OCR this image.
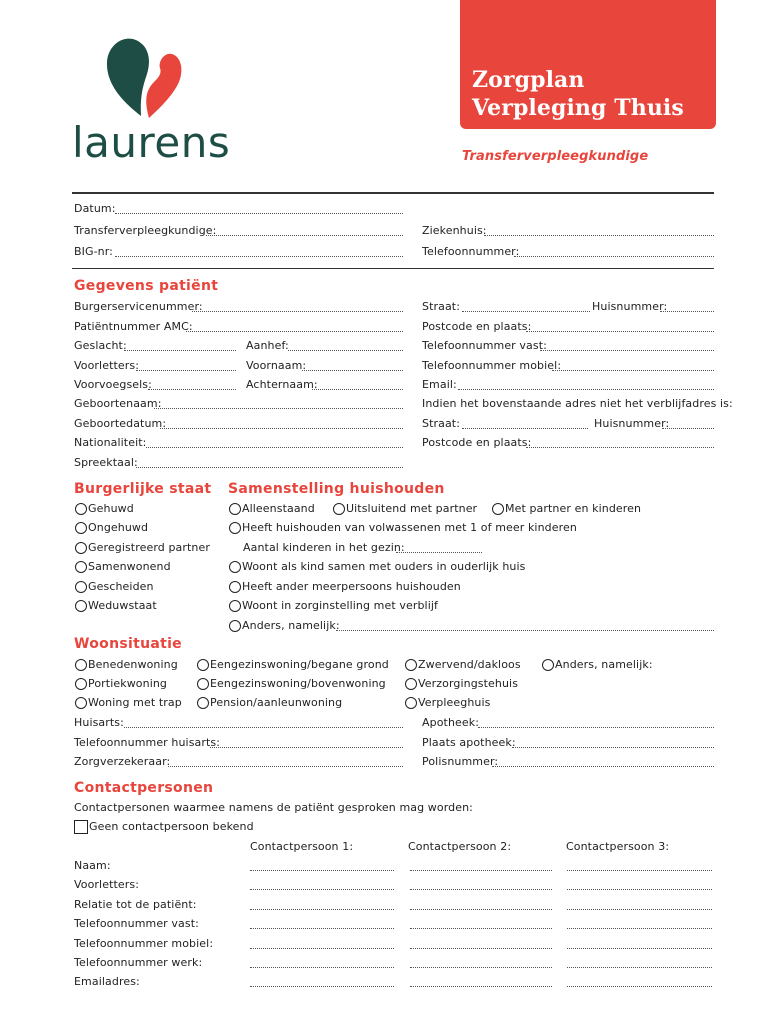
laurens
Zorgplan
Verpleging Thuis
Transferverpleegkundige
Datum:
Transferverpleegkundige:	Ziekenhuis:
BIG-nr:	Telefoonnummer:
Gegevens patiënt
Burgerservicenummer:
Patiëntnummer AMC:
Geslacht:	Aanhef:
Voorletters:	Voornaam:
Voorvoegsels:	Achternaam:
Geboortenaam:
Geboortedatum:
Nationaliteit:
Spreektaal:
Straat:	Huisnummer:
Postcode en plaats:
Telefoonnummer vast:
Telefoonnummer mobiel:
Email:
Indien het bovenstaande adres niet het verblijfadres is:
Straat:	Huisnummer:
Postcode en plaats:
Burgerlijke staat
Gehuwd
Ongehuwd
Geregistreerd partner
Samenwonend
Gescheiden
Weduwstaat
Samenstelling huishouden
Alleenstaand	Uitsluitend met partner	Met partner en kinderen
Heeft huishouden van volwassenen met 1 of meer kinderen
Aantal kinderen in het gezin:
Woont als kind samen met ouders in ouderlijk huis
Heeft ander meerpersoons huishouden
Woont in zorginstelling met verblijf
Anders, namelijk:
Woonsituatie
Benedenwoning
Portiekwoning
Woning met trap
Eengezinswoning/begane grond
Eengezinswoning/bovenwoning
Pension/aanleunwoning
Zwervend/dakloos
Verzorgingstehuis
Verpleeghuis
Anders, namelijk:
Huisarts:
Telefoonnummer huisarts:
Zorgverzekeraar:
Apotheek:
Plaats apotheek:
Polisnummer:
Contactpersonen
Contactpersonen waarmee namens de patiënt gesproken mag worden:
Geen contactpersoon bekend
Contactpersoon 1:	Contactpersoon 2:	Contactpersoon 3:
Naam:
Voorletters:
Relatie tot de patiënt:
Telefoonnummer vast:
Telefoonnummer mobiel:
Telefoonnummer werk:
Emailadres:
